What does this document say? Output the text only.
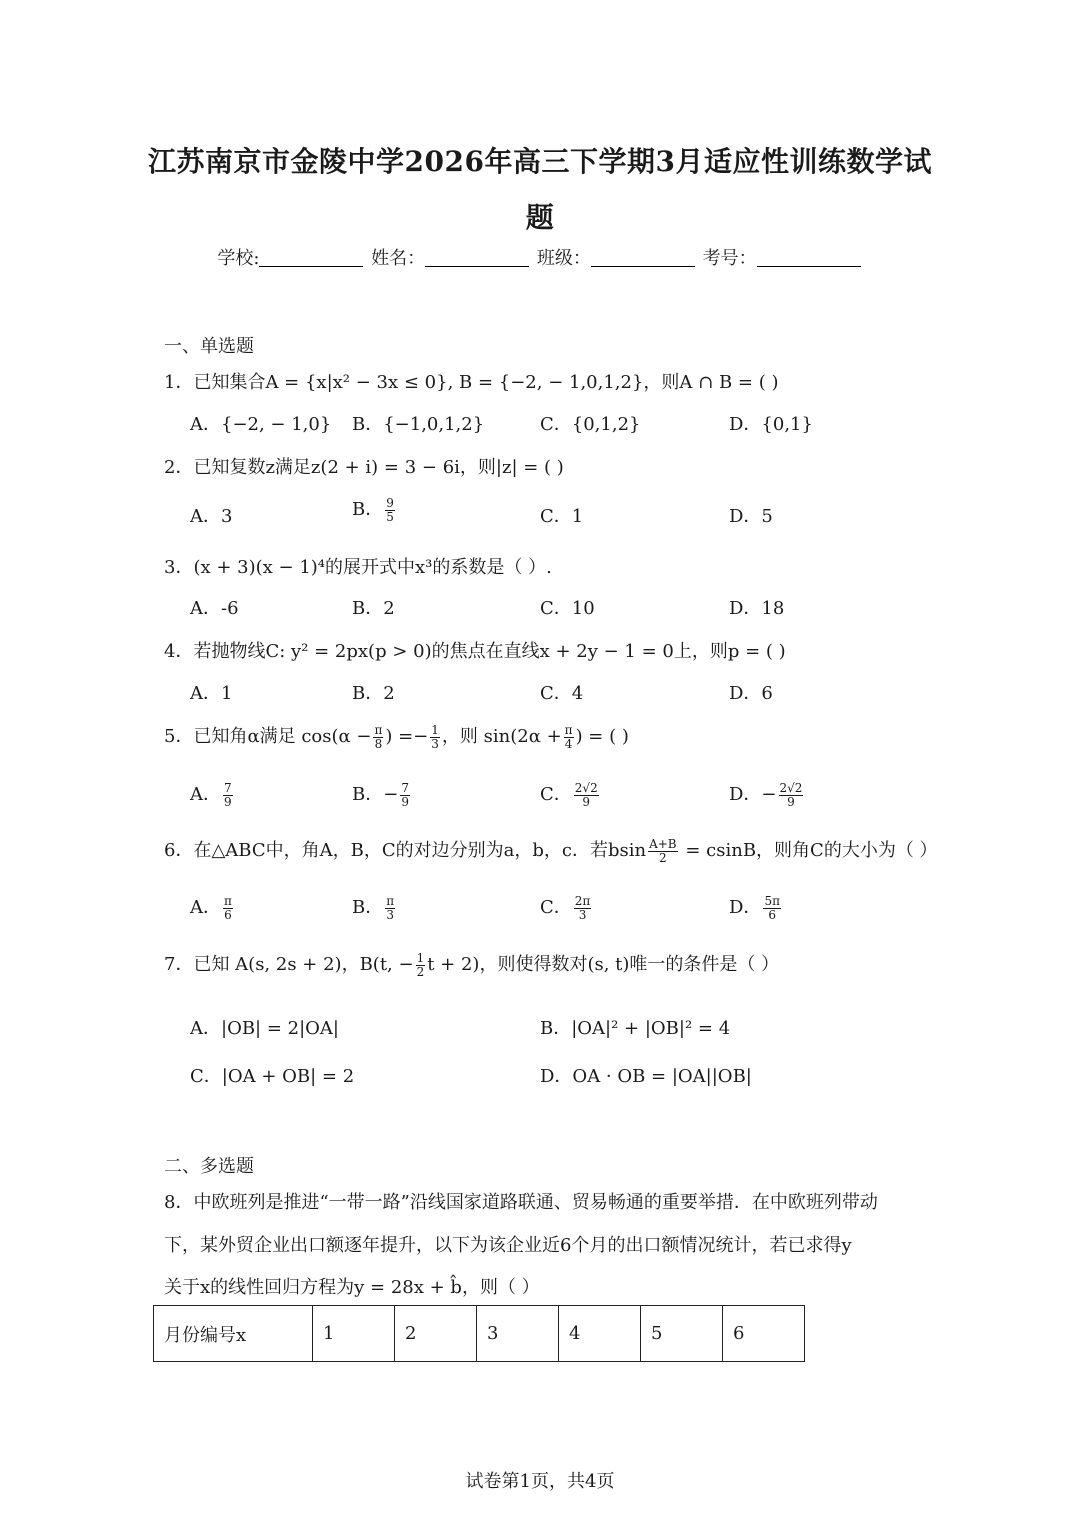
江苏南京市金陵中学2026年高三下学期3月适应性训练数学试
题
学校:	姓名：	班级：	考号：
一、单选题
1．已知集合A = {x|x² − 3x ≤ 0}, B = {−2, − 1,0,1,2}，则A ∩ B = ( )
A．{−2, − 1,0} B．{−1,0,1,2}	C．{0,1,2}	D．{0,1}
2．已知复数z满足z(2 + i) = 3 − 6i，则|z| = ( )
A．3	B． $\frac{9}{5}$	C．1	D．5
3．(x + 3)(x − 1)⁴的展开式中x³的系数是（ ）.
A．-6	B．2	C．10	D．18
4．若抛物线C: y² = 2px(p > 0)的焦点在直线x + 2y − 1 = 0上，则p = ( )
A．1	B．2	C．4	D．6
5．已知角α满足 $\cos(\alpha - \frac{\pi}{8}$ ) =− $\frac{1}{3}$ ，则 $\sin(2\alpha + \frac{\pi}{4}$ ) = ( )
A． $\frac{7}{9}$	B．− $\frac{7}{9}$	C． $\frac{2√2}{9}$	D．− $\frac{2√2}{9}$
6．在△ABC中，角A，B，C的对边分别为a，b，c．若bsin $\frac{A+B}{2} = csinB$，则角C的大小为（ ）
A． $\frac{\pi}{6}$	B． $\frac{\pi}{3}$	C． $\frac{2\pi}{3}$	D． $\frac{5\pi}{6}$
7．已知 A(s, 2s + 2)，B(t, − $\frac{1}{2}$ t + 2)，则使得数对(s, t)唯一的条件是（ ）
A．|OB| = 2|OA|	B．|OA|² + |OB|² = 4
C．|OA + OB| = 2	D．OA · OB = |OA||OB|
二、多选题
8．中欧班列是推进“一带一路”沿线国家道路联通、贸易畅通的重要举措．在中欧班列带动
下，某外贸企业出口额逐年提升，以下为该企业近6个月的出口额情况统计，若已求得y
关于x的线性回归方程为y = 28x + b̂，则（ ）
月份编号x	1	2	3	4	5	6
试卷第1页，共4页
